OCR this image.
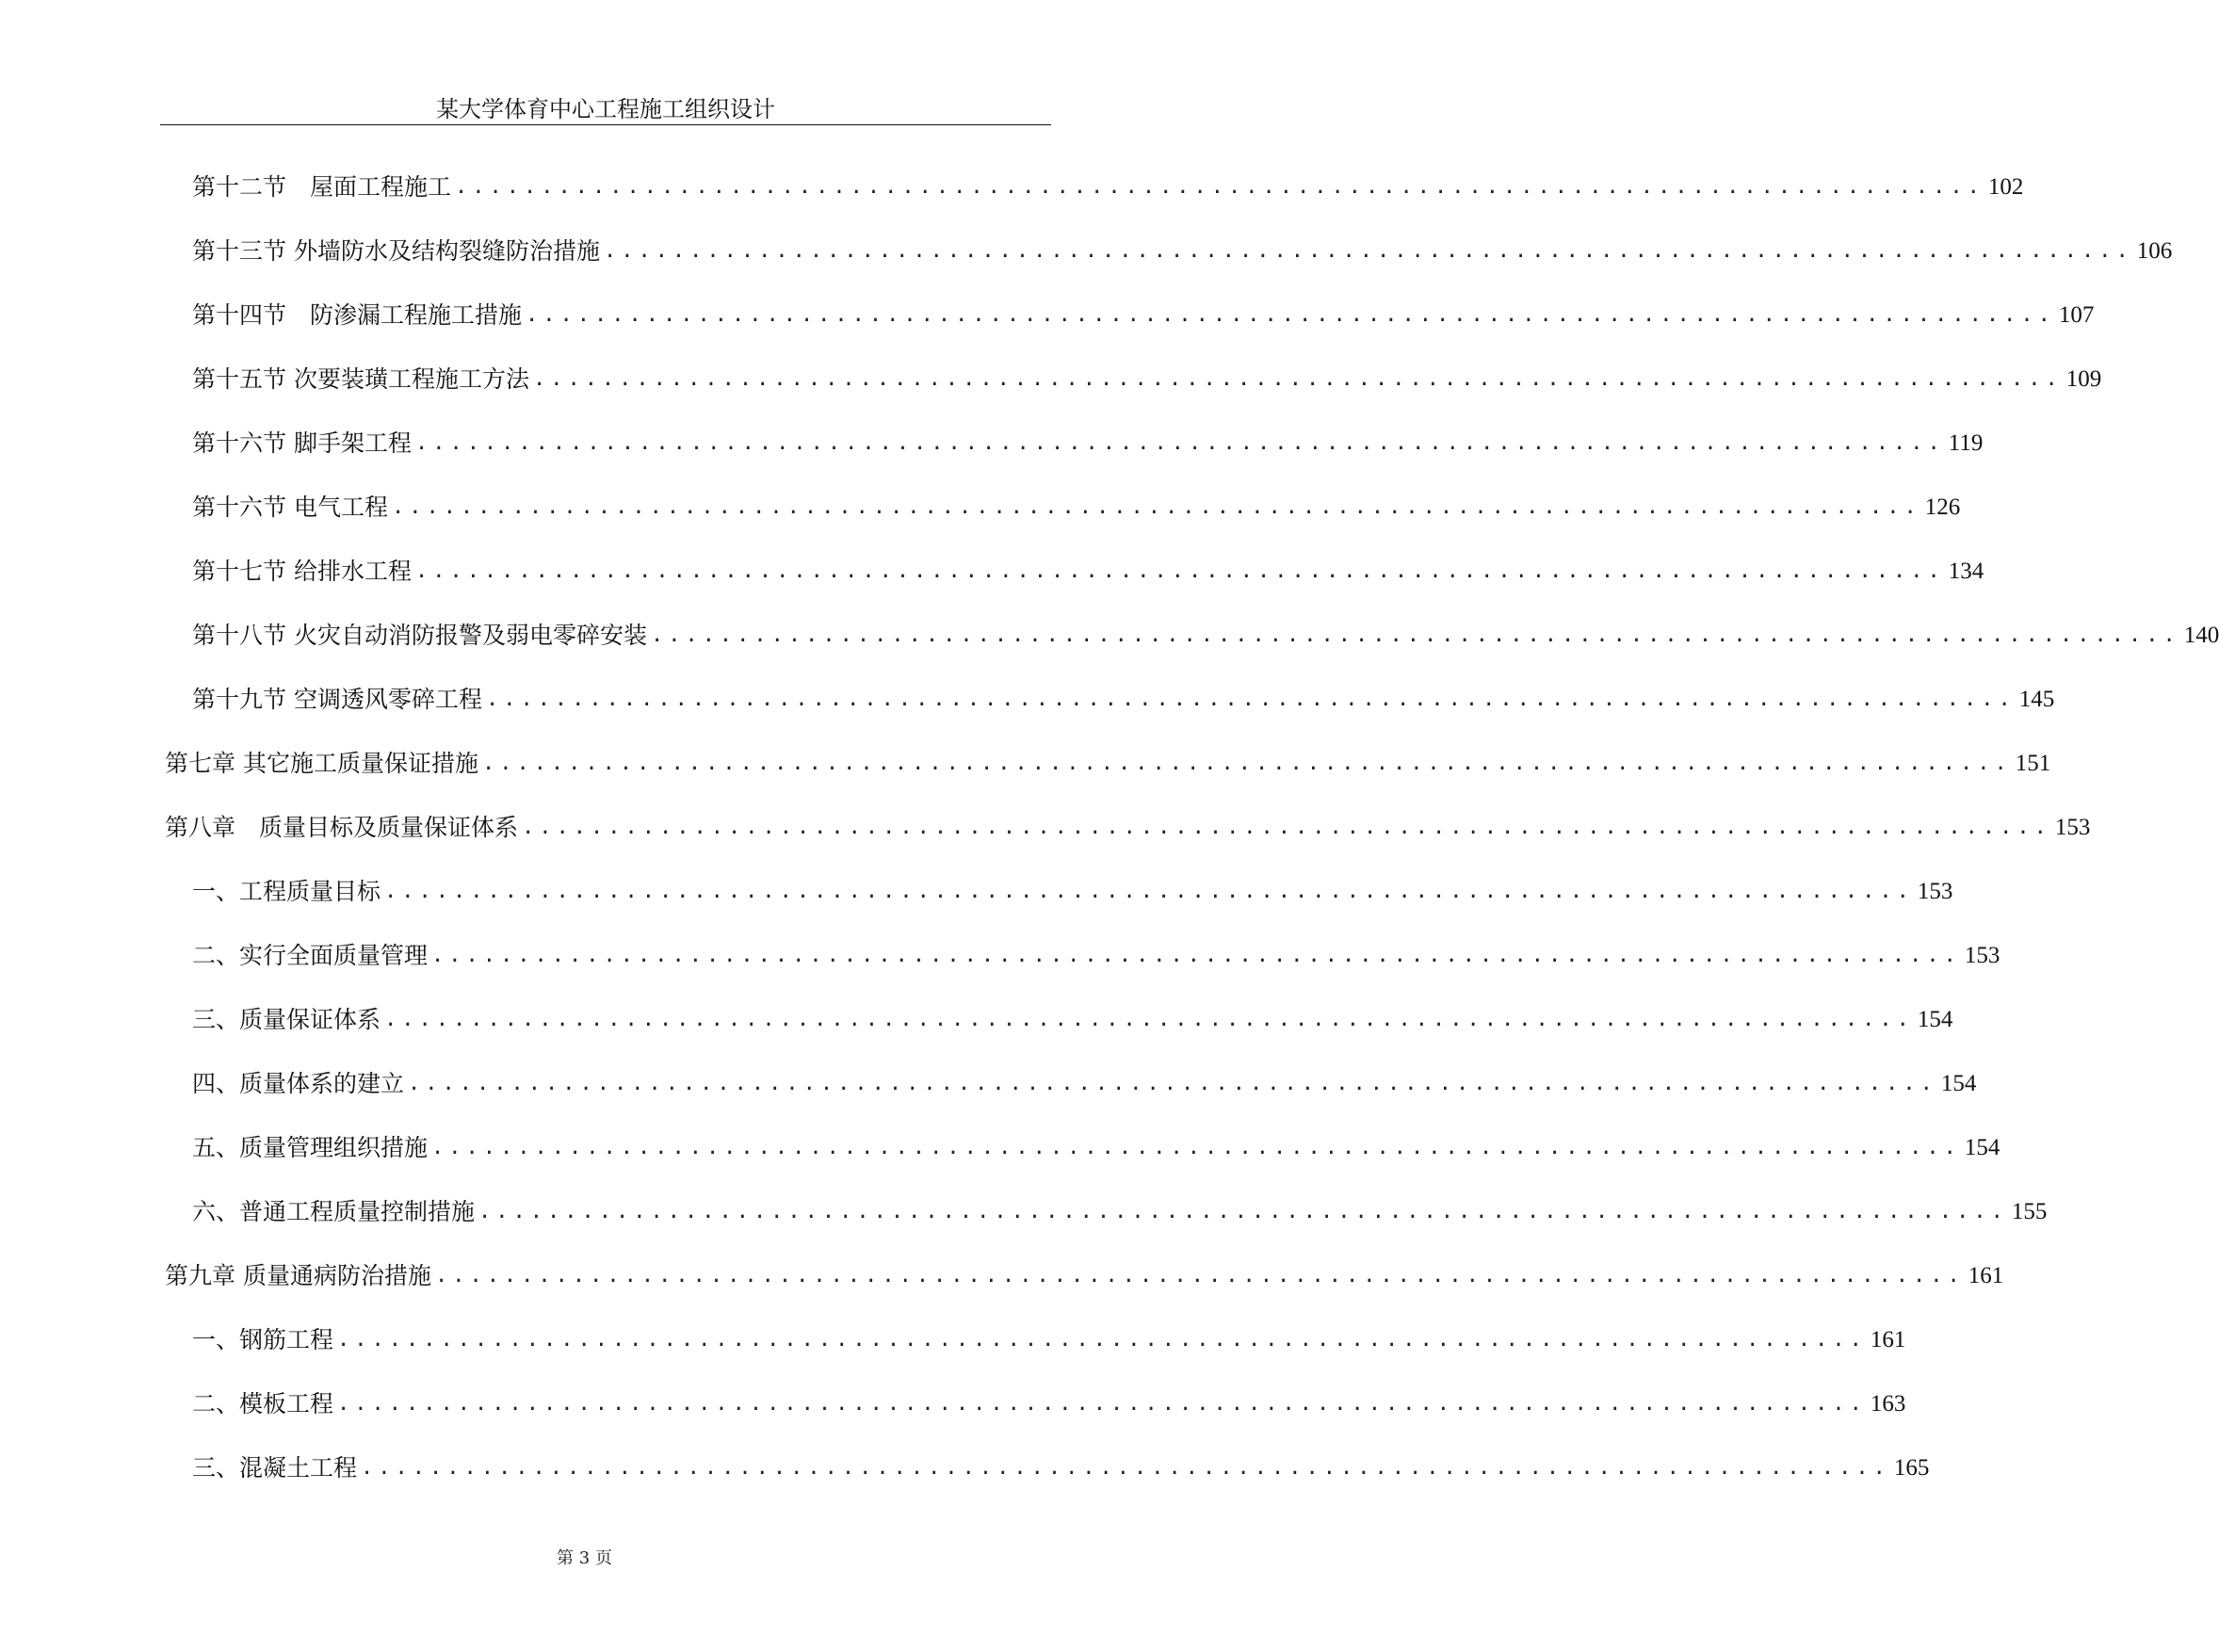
某大学体育中心工程施工组织设计
第十二节　屋面工程施工 ......................................................................................... 102
第十三节 外墙防水及结构裂缝防治措施 ......................................................................................... 106
第十四节　防渗漏工程施工措施 ......................................................................................... 107
第十五节 次要装璜工程施工方法 ......................................................................................... 109
第十六节 脚手架工程 ......................................................................................... 119
第十六节 电气工程 ......................................................................................... 126
第十七节 给排水工程 ......................................................................................... 134
第十八节 火灾自动消防报警及弱电零碎安装 ......................................................................................... 140
第十九节 空调透风零碎工程 ......................................................................................... 145
第七章 其它施工质量保证措施 ......................................................................................... 151
第八章　质量目标及质量保证体系 ......................................................................................... 153
一、工程质量目标 ......................................................................................... 153
二、实行全面质量管理 ......................................................................................... 153
三、质量保证体系 ......................................................................................... 154
四、质量体系的建立 ......................................................................................... 154
五、质量管理组织措施 ......................................................................................... 154
六、普通工程质量控制措施 ......................................................................................... 155
第九章 质量通病防治措施 ......................................................................................... 161
一、钢筋工程 ......................................................................................... 161
二、模板工程 ......................................................................................... 163
三、混凝土工程 ......................................................................................... 165
第 3 页
